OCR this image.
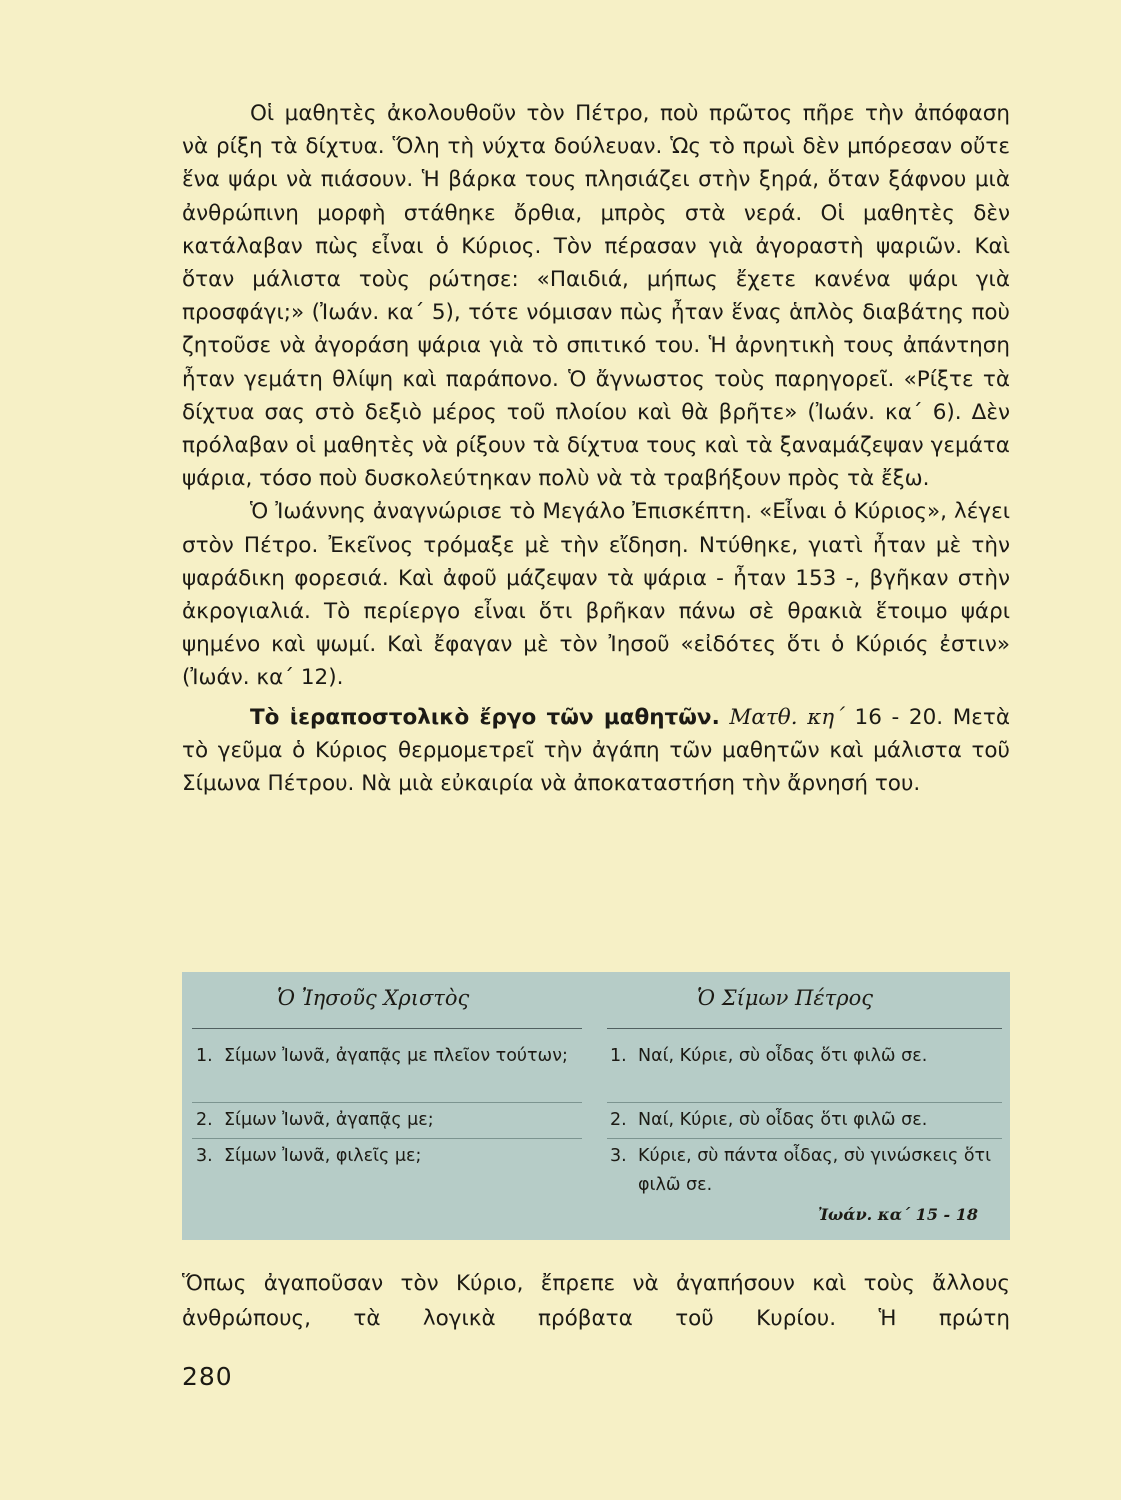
Οἱ μαθητὲς ἀκολουθοῦν τὸν Πέτρο, ποὺ πρῶτος πῆρε τὴν ἀπόφαση νὰ ρίξη τὰ δίχτυα. Ὅλη τὴ νύχτα δούλευαν. Ὡς τὸ πρωὶ δὲν μπόρεσαν οὔτε ἕνα ψάρι νὰ πιάσουν. Ἡ βάρκα τους πλησιάζει στὴν ξηρά, ὅταν ξάφνου μιὰ ἀνθρώπινη μορφὴ στάθηκε ὄρθια, μπρὸς στὰ νερά. Οἱ μαθητὲς δὲν κατάλαβαν πὼς εἶναι ὁ Κύριος. Τὸν πέρασαν γιὰ ἀγοραστὴ ψαριῶν. Καὶ ὅταν μάλιστα τοὺς ρώτησε: «Παιδιά, μήπως ἔχετε κανένα ψάρι γιὰ προσφάγι;» (Ἰωάν. κα΄ 5), τότε νόμισαν πὼς ἦταν ἕνας ἁπλὸς διαβάτης ποὺ ζητοῦσε νὰ ἀγοράση ψάρια γιὰ τὸ σπιτικό του. Ἡ ἀρνητικὴ τους ἀπάντηση ἦταν γεμάτη θλίψη καὶ παράπονο. Ὁ ἄγνωστος τοὺς παρηγορεῖ. «Ρίξτε τὰ δίχτυα σας στὸ δεξιὸ μέρος τοῦ πλοίου καὶ θὰ βρῆτε» (Ἰωάν. κα΄ 6). Δὲν πρόλαβαν οἱ μαθητὲς νὰ ρίξουν τὰ δίχτυα τους καὶ τὰ ξαναμάζεψαν γεμάτα ψάρια, τόσο ποὺ δυσκολεύτηκαν πολὺ νὰ τὰ τραβήξουν πρὸς τὰ ἔξω.

Ὁ Ἰωάννης ἀναγνώρισε τὸ Μεγάλο Ἐπισκέπτη. «Εἶναι ὁ Κύριος», λέγει στὸν Πέτρο. Ἐκεῖνος τρόμαξε μὲ τὴν εἴδηση. Ντύθηκε, γιατὶ ἦταν μὲ τὴν ψαράδικη φορεσιά. Καὶ ἀφοῦ μάζεψαν τὰ ψάρια - ἦταν 153 -, βγῆκαν στὴν ἀκρογιαλιά. Τὸ περίεργο εἶναι ὅτι βρῆκαν πάνω σὲ θρακιὰ ἕτοιμο ψάρι ψημένο καὶ ψωμί. Καὶ ἔφαγαν μὲ τὸν Ἰησοῦ «εἰδότες ὅτι ὁ Κύριός ἐστιν» (Ἰωάν. κα΄ 12).

Τὸ ἱεραποστολικὸ ἔργο τῶν μαθητῶν. Ματθ. κη΄ 16 - 20. Μετὰ τὸ γεῦμα ὁ Κύριος θερμομετρεῖ τὴν ἀγάπη τῶν μαθητῶν καὶ μάλιστα τοῦ Σίμωνα Πέτρου. Νὰ μιὰ εὐκαιρία νὰ ἀποκαταστήση τὴν ἄρνησή του.

Ὁ Ἰησοῦς Χριστὸς	Ὁ Σίμων Πέτρος
1. Σίμων Ἰωνᾶ, ἀγαπᾷς με πλεῖον τούτων;	1. Ναί, Κύριε, σὺ οἶδας ὅτι φιλῶ σε.
2. Σίμων Ἰωνᾶ, ἀγαπᾷς με;	2. Ναί, Κύριε, σὺ οἶδας ὅτι φιλῶ σε.
3. Σίμων Ἰωνᾶ, φιλεῖς με;	3. Κύριε, σὺ πάντα οἶδας, σὺ γινώσκεις ὅτι φιλῶ σε.
Ἰωάν. κα΄ 15 - 18
Ὅπως ἀγαποῦσαν τὸν Κύριο, ἔπρεπε νὰ ἀγαπήσουν καὶ τοὺς ἄλλους ἀνθρώπους, τὰ λογικὰ πρόβατα τοῦ Κυρίου. Ἡ πρώτη
280
